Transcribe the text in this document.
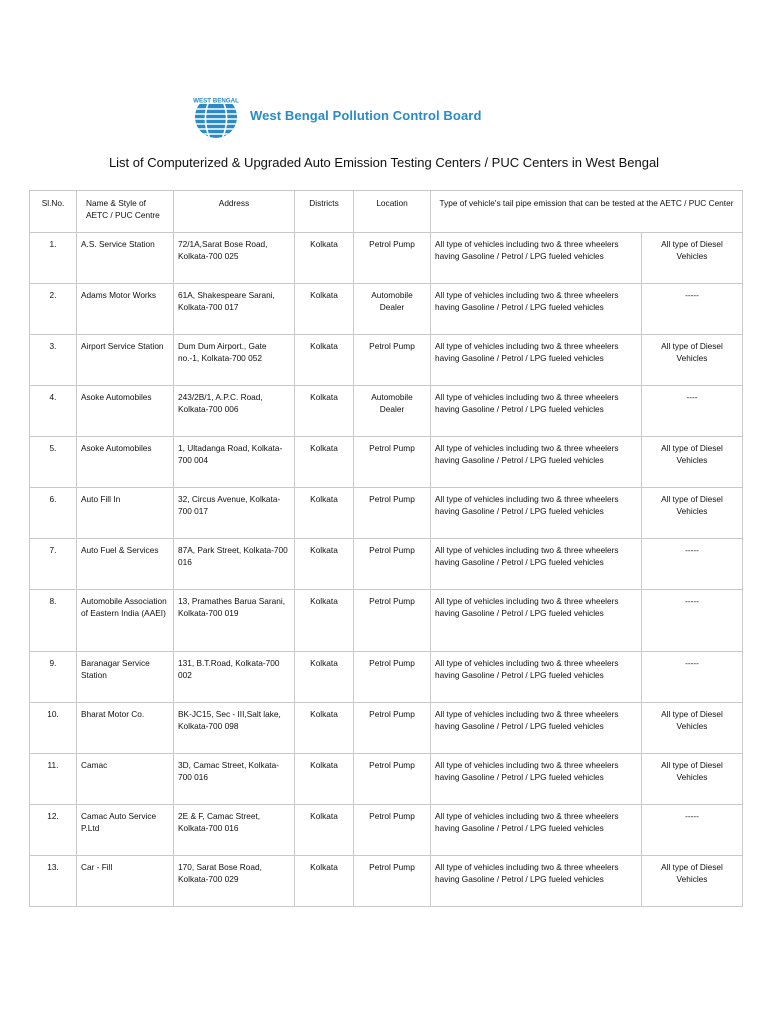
WEST BENGAL
West Bengal Pollution Control Board
List of Computerized & Upgraded Auto Emission Testing Centers / PUC Centers in West Bengal
Sl.No.	Name & Style of AETC / PUC Centre	Address	Districts	Location	Type of vehicle's tail pipe emission that can be tested at the AETC / PUC Center	
1.	A.S. Service Station	72/1A,Sarat Bose Road, Kolkata-700 025	Kolkata	Petrol Pump	All type of vehicles including two & three wheelers having Gasoline / Petrol / LPG fueled vehicles	All type of Diesel Vehicles
2.	Adams Motor Works	61A, Shakespeare Sarani, Kolkata-700 017	Kolkata	Automobile Dealer	All type of vehicles including two & three wheelers having Gasoline / Petrol / LPG fueled vehicles	-----
3.	Airport Service Station	Dum Dum Airport., Gate no.-1, Kolkata-700 052	Kolkata	Petrol Pump	All type of vehicles including two & three wheelers having Gasoline / Petrol / LPG fueled vehicles	All type of Diesel Vehicles
4.	Asoke Automobiles	243/2B/1, A.P.C. Road, Kolkata-700 006	Kolkata	Automobile Dealer	All type of vehicles including two & three wheelers having Gasoline / Petrol / LPG fueled vehicles	----
5.	Asoke Automobiles	1, Ultadanga Road, Kolkata-700 004	Kolkata	Petrol Pump	All type of vehicles including two & three wheelers having Gasoline / Petrol / LPG fueled vehicles	All type of Diesel Vehicles
6.	Auto Fill In	32, Circus Avenue, Kolkata-700 017	Kolkata	Petrol Pump	All type of vehicles including two & three wheelers having Gasoline / Petrol / LPG fueled vehicles	All type of Diesel Vehicles
7.	Auto Fuel & Services	87A, Park Street, Kolkata-700 016	Kolkata	Petrol Pump	All type of vehicles including two & three wheelers having Gasoline / Petrol / LPG fueled vehicles	-----
8.	Automobile Association of Eastern India (AAEI)	13, Pramathes Barua Sarani, Kolkata-700 019	Kolkata	Petrol Pump	All type of vehicles including two & three wheelers having Gasoline / Petrol / LPG fueled vehicles	-----
9.	Baranagar Service Station	131, B.T.Road, Kolkata-700 002	Kolkata	Petrol Pump	All type of vehicles including two & three wheelers having Gasoline / Petrol / LPG fueled vehicles	-----
10.	Bharat Motor Co.	BK-JC15, Sec - III,Salt lake, Kolkata-700 098	Kolkata	Petrol Pump	All type of vehicles including two & three wheelers having Gasoline / Petrol / LPG fueled vehicles	All type of Diesel Vehicles
11.	Camac	3D, Camac Street, Kolkata-700 016	Kolkata	Petrol Pump	All type of vehicles including two & three wheelers having Gasoline / Petrol / LPG fueled vehicles	All type of Diesel Vehicles
12.	Camac Auto Service P.Ltd	2E & F, Camac Street, Kolkata-700 016	Kolkata	Petrol Pump	All type of vehicles including two & three wheelers having Gasoline / Petrol / LPG fueled vehicles	-----
13.	Car - Fill	170, Sarat Bose Road, Kolkata-700 029	Kolkata	Petrol Pump	All type of vehicles including two & three wheelers having Gasoline / Petrol / LPG fueled vehicles	All type of Diesel Vehicles
